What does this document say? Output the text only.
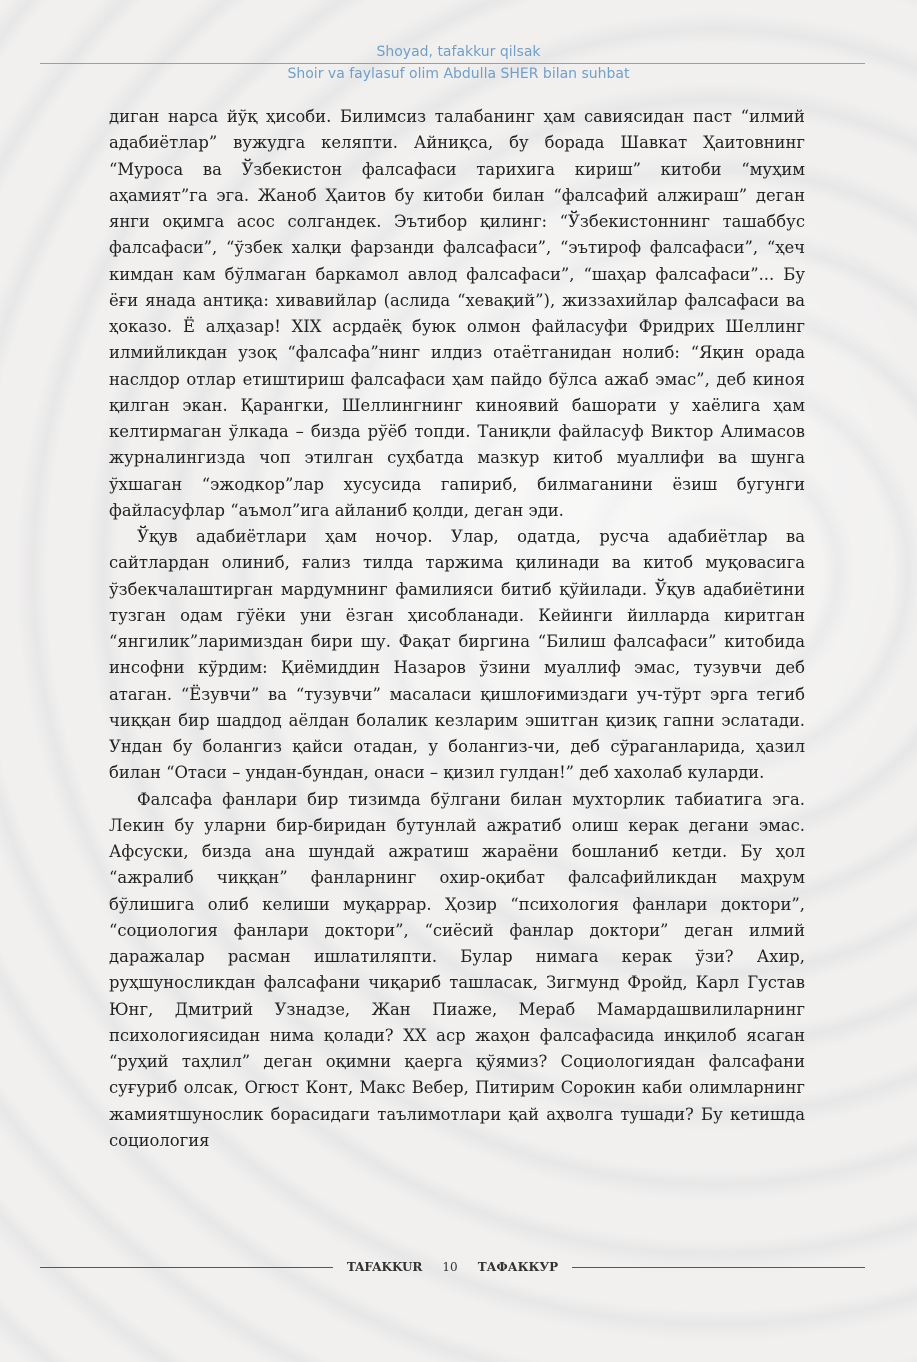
Shoyad, tafakkur qilsak
Shoir va faylasuf olim Abdulla SHER bilan suhbat

диган нарса йўқ ҳисоби. Билимсиз талабанинг ҳам савиясидан паст “илмий адабиётлар” вужудга келяпти. Айниқса, бу борада Шавкат Ҳаитовнинг “Муроса ва Ўзбекистон фалсафаси тарихига кириш” китоби “муҳим аҳамият”га эга. Жаноб Ҳаитов бу китоби билан “фалсафий алжираш” деган янги оқимга асос солгандек. Эътибор қилинг: “Ўзбекистоннинг ташаббус фалсафаси”, “ўзбек халқи фарзанди фалсафаси”, “эътироф фалсафаси”, “ҳеч кимдан кам бўлмаган баркамол авлод фалсафаси”, “шаҳар фалсафаси”... Бу ёғи янада антиқа: хивавийлар (аслида “хевақий”), жиззахийлар фалсафаси ва ҳоказо. Ё алҳазар! XIX асрдаёқ буюк олмон файласуфи Фридрих Шеллинг илмийликдан узоқ “фалсафа”нинг илдиз отаётганидан нолиб: “Яқин орада наслдор отлар етиштириш фалсафаси ҳам пайдо бўлса ажаб эмас”, деб киноя қилган экан. Қарангки, Шеллингнинг киноявий башорати у хаёлига ҳам келтирмаган ўлкада – бизда рўёб топди. Таниқли файласуф Виктор Алимасов журналингизда чоп этилган суҳбатда мазкур китоб муаллифи ва шунга ўхшаган “эжодкор”лар хусусида гапириб, билмаганини ёзиш бугунги файласуфлар “аъмол”ига айланиб қолди, деган эди.

Ўқув адабиётлари ҳам ночор. Улар, одатда, русча адабиётлар ва сайтлардан олиниб, ғализ тилда таржима қилинади ва китоб муқовасига ўзбекчалаштирган мардумнинг фамилияси битиб қўйилади. Ўқув адабиётини тузган одам гўёки уни ёзган ҳисобланади. Кейинги йилларда киритган “янгилик”ларимиздан бири шу. Фақат биргина “Билиш фалсафаси” китобида инсофни кўрдим: Қиёмиддин Назаров ўзини муаллиф эмас, тузувчи деб атаган. “Ёзувчи” ва “тузувчи” масаласи қишлоғимиздаги уч-тўрт эрга тегиб чиққан бир шаддод аёлдан болалик кезларим эшитган қизиқ гапни эслатади. Ундан бу болангиз қайси отадан, у болангиз-чи, деб сўраганларида, ҳазил билан “Отаси – ундан-бундан, онаси – қизил гулдан!” деб хахолаб куларди.

Фалсафа фанлари бир тизимда бўлгани билан мухторлик табиатига эга. Лекин бу уларни бир-биридан бутунлай ажратиб олиш керак дегани эмас. Афсуски, бизда ана шундай ажратиш жараёни бошланиб кетди. Бу ҳол “ажралиб чиққан” фанларнинг охир-оқибат фалсафийликдан маҳрум бўлишига олиб келиши муқаррар. Ҳозир “психология фанлари доктори”, “социология фанлари доктори”, “сиёсий фанлар доктори” деган илмий даражалар расман ишлатиляпти. Булар нимага керак ўзи? Ахир, руҳшуносликдан фалсафани чиқариб ташласак, Зигмунд Фройд, Карл Густав Юнг, Дмитрий Узнадзе, Жан Пиаже, Мераб Мамардашвилиларнинг психологиясидан нима қолади? XX аср жаҳон фалсафасида инқилоб ясаган “руҳий таҳлил” деган оқимни қаерга қўямиз? Социологиядан фалсафани суғуриб олсак, Огюст Конт, Макс Вебер, Питирим Сорокин каби олимларнинг жамиятшунослик борасидаги таълимотлари қай аҳволга тушади? Бу кетишда социология

TAFAKKUR 10 ТАФАККУР
